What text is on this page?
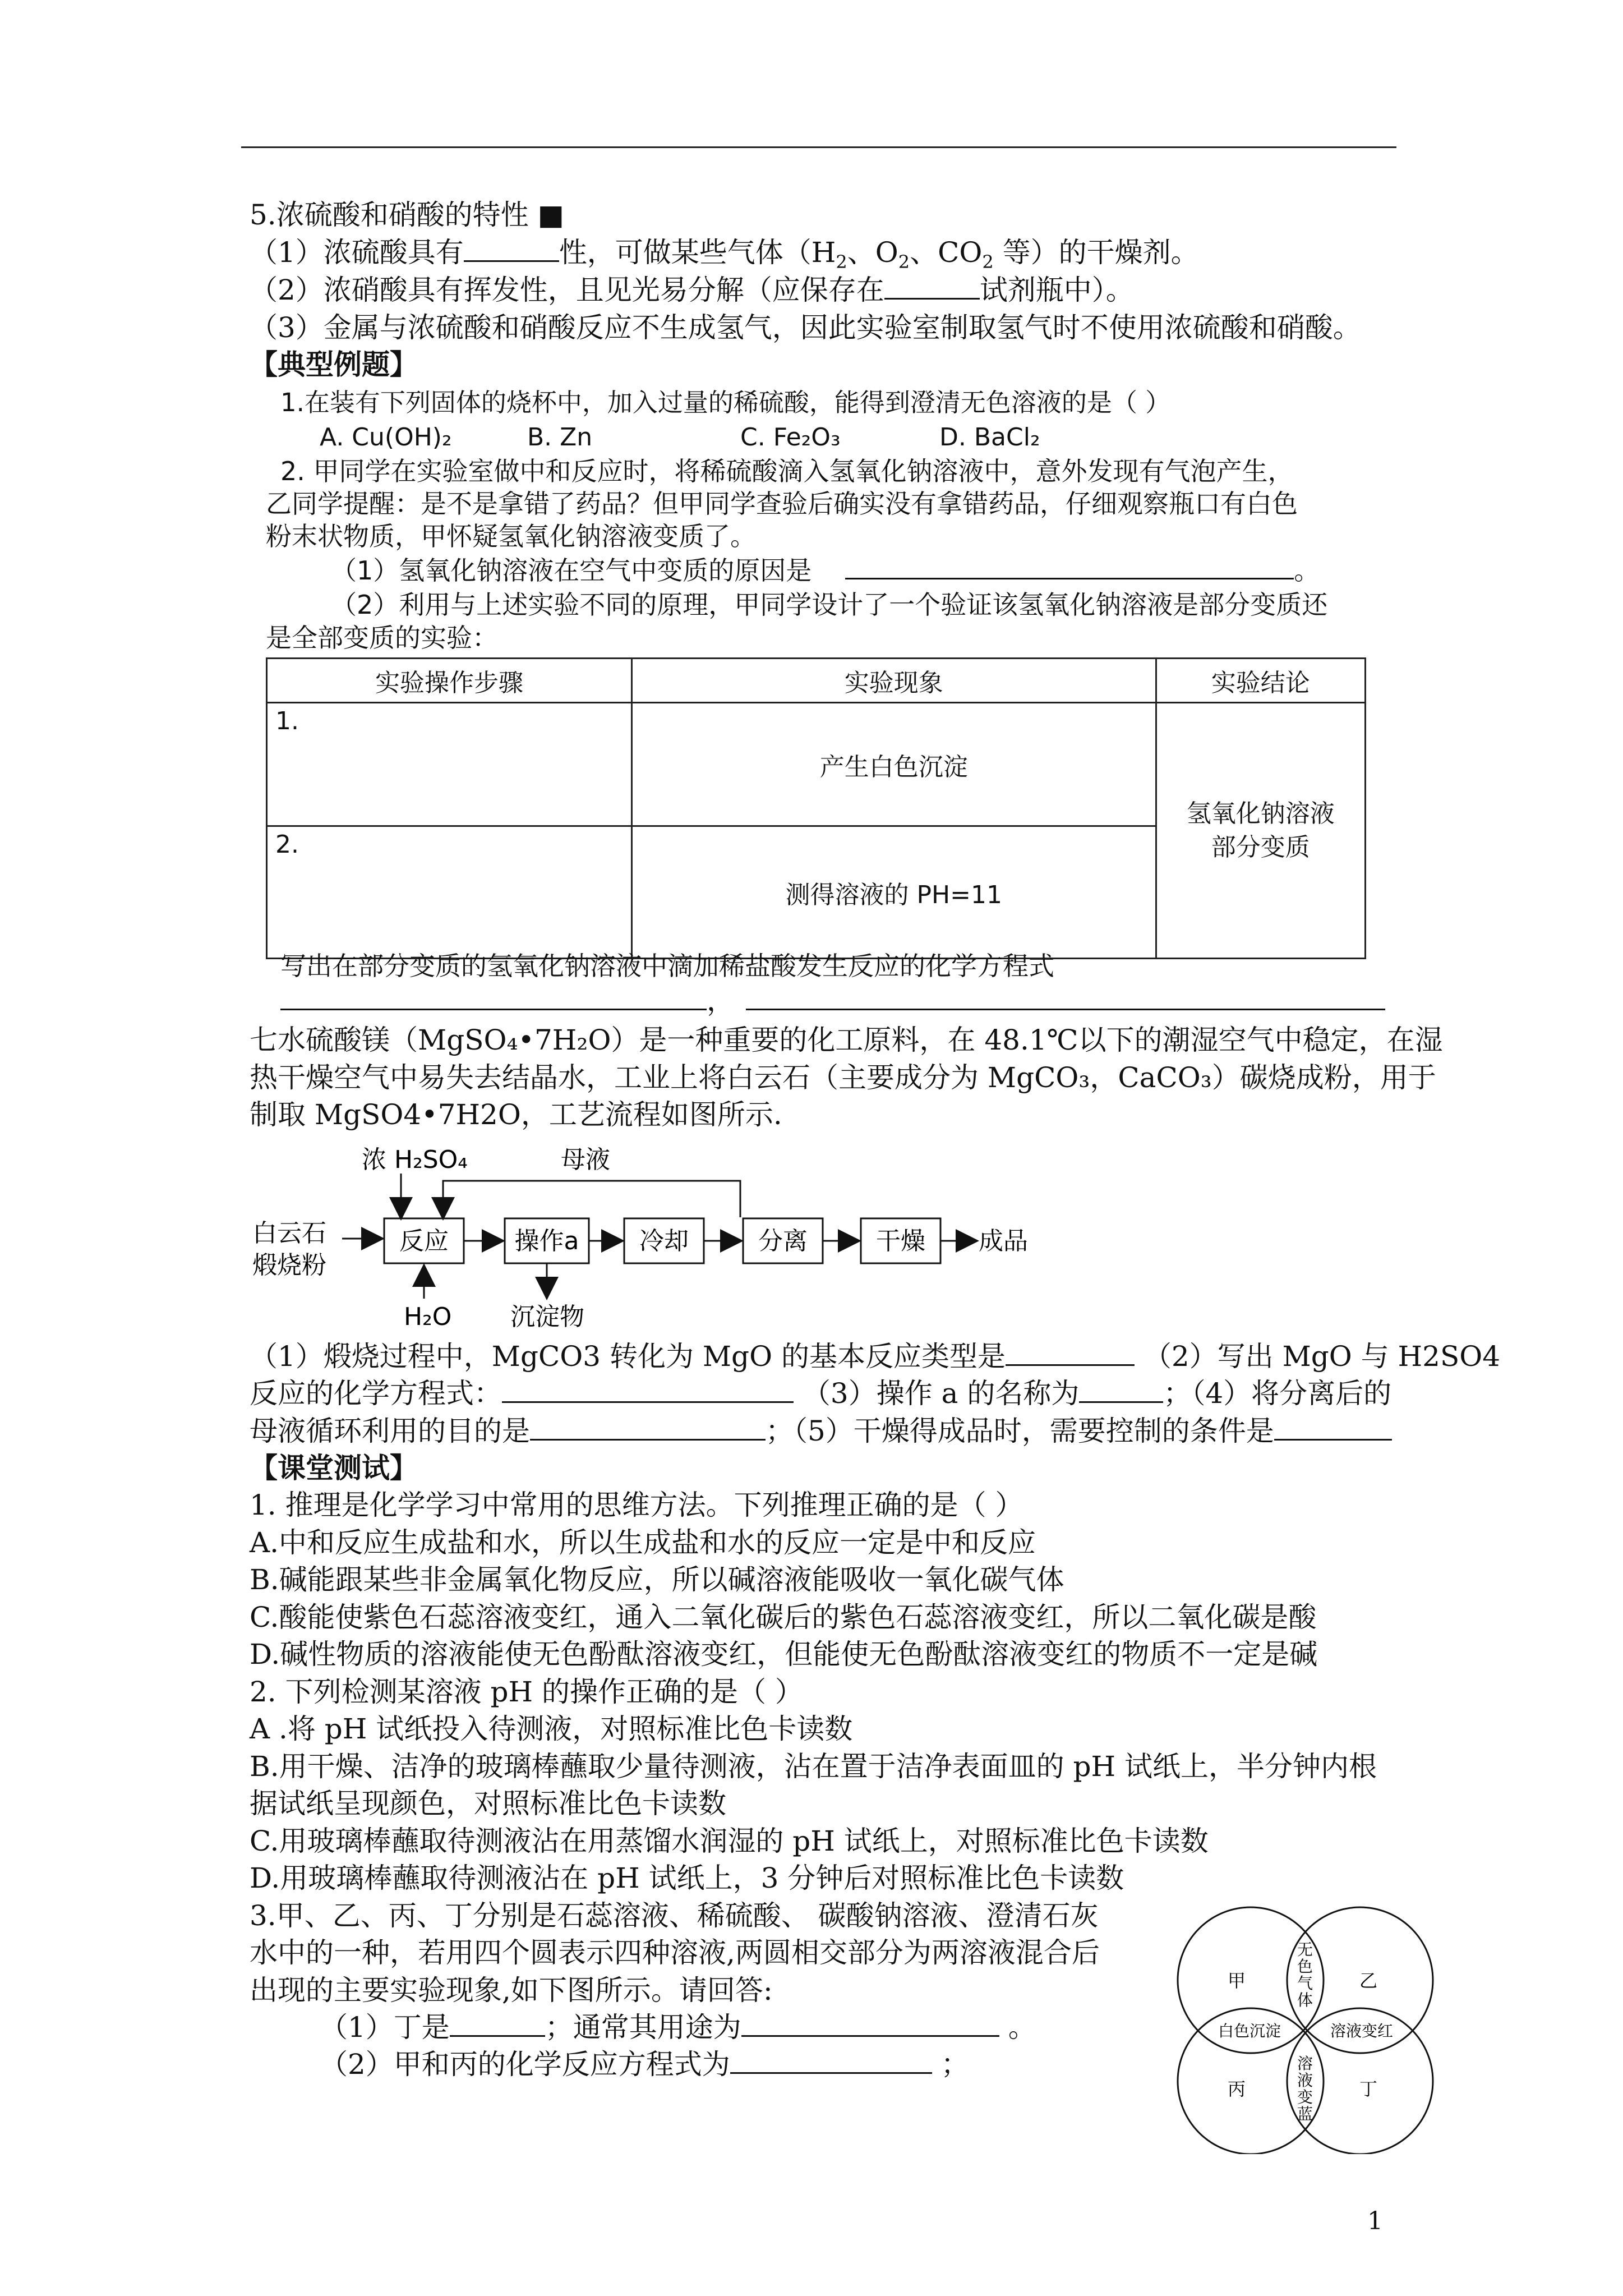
5.浓硫酸和硝酸的特性 ■
（1）浓硫酸具有	性，可做某些气体（$H_2$、$O_2$、$CO_2$ 等）的干燥剂。
（2）浓硝酸具有挥发性，且见光易分解（应保存在	试剂瓶中）。
（3）金属与浓硫酸和硝酸反应不生成氢气，因此实验室制取氢气时不使用浓硫酸和硝酸。
【典型例题】
1.在装有下列固体的烧杯中，加入过量的稀硫酸，能得到澄清无色溶液的是（ ）
A. Cu(OH)₂	B. Zn	C. Fe₂O₃	D. BaCl₂
2. 甲同学在实验室做中和反应时，将稀硫酸滴入氢氧化钠溶液中，意外发现有气泡产生，
乙同学提醒：是不是拿错了药品？但甲同学查验后确实没有拿错药品，仔细观察瓶口有白色
粉末状物质，甲怀疑氢氧化钠溶液变质了。
（1）氢氧化钠溶液在空气中变质的原因是	。
（2）利用与上述实验不同的原理，甲同学设计了一个验证该氢氧化钠溶液是部分变质还
是全部变质的实验：
实验操作步骤	实验现象	实验结论
1.	产生白色沉淀	氢氧化钠溶液
部分变质
2.	测得溶液的 PH=11	
写出在部分变质的氢氧化钠溶液中滴加稀盐酸发生反应的化学方程式
，
七水硫酸镁（MgSO₄•7H₂O）是一种重要的化工原料，在 48.1℃以下的潮湿空气中稳定，在湿
热干燥空气中易失去结晶水，工业上将白云石（主要成分为 MgCO₃，CaCO₃）碳烧成粉，用于
制取 MgSO4•7H2O，工艺流程如图所示.
浓 H₂SO₄	母液
白云石
煅烧粉
反应	操作a 冷却	分离	干燥 成品
H₂O 沉淀物
（1）煅烧过程中，MgCO3 转化为 MgO 的基本反应类型是	（2）写出 MgO 与 H2SO4
反应的化学方程式：	（3）操作 a 的名称为	；（4）将分离后的
母液循环利用的目的是	；（5）干燥得成品时，需要控制的条件是
【课堂测试】
1. 推理是化学学习中常用的思维方法。下列推理正确的是（ ）
A.中和反应生成盐和水，所以生成盐和水的反应一定是中和反应
B.碱能跟某些非金属氧化物反应，所以碱溶液能吸收一氧化碳气体
C.酸能使紫色石蕊溶液变红，通入二氧化碳后的紫色石蕊溶液变红，所以二氧化碳是酸
D.碱性物质的溶液能使无色酚酞溶液变红，但能使无色酚酞溶液变红的物质不一定是碱
2. 下列检测某溶液 pH 的操作正确的是（ ）
A .将 pH 试纸投入待测液，对照标准比色卡读数
B.用干燥、洁净的玻璃棒蘸取少量待测液，沾在置于洁净表面皿的 pH 试纸上，半分钟内根
据试纸呈现颜色，对照标准比色卡读数
C.用玻璃棒蘸取待测液沾在用蒸馏水润湿的 pH 试纸上，对照标准比色卡读数
D.用玻璃棒蘸取待测液沾在 pH 试纸上，3 分钟后对照标准比色卡读数
3.甲、乙、丙、丁分别是石蕊溶液、稀硫酸、 碳酸钠溶液、澄清石灰
水中的一种，若用四个圆表示四种溶液,两圆相交部分为两溶液混合后
出现的主要实验现象,如下图所示。请回答:
（1）丁是	；通常其用途为	。
（2）甲和丙的化学反应方程式为	；
甲	乙
丙	丁
无
色
气
体
白色沉淀	溶液变红
溶
液
变
蓝
1
